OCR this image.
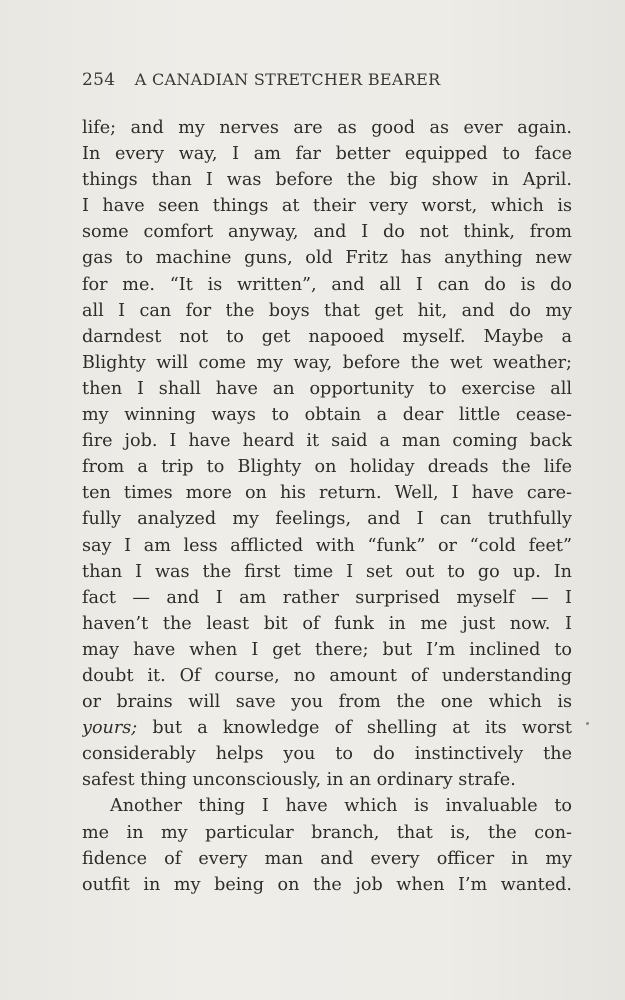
254 A CANADIAN STRETCHER BEARER
life; and my nerves are as good as ever again.
In every way, I am far better equipped to face
things than I was before the big show in April.
I have seen things at their very worst, which is
some comfort anyway, and I do not think, from
gas to machine guns, old Fritz has anything new
for me. “It is written”, and all I can do is do
all I can for the boys that get hit, and do my
darndest not to get napooed myself. Maybe a
Blighty will come my way, before the wet weather;
then I shall have an opportunity to exercise all
my winning ways to obtain a dear little cease-
fire job. I have heard it said a man coming back
from a trip to Blighty on holiday dreads the life
ten times more on his return. Well, I have care-
fully analyzed my feelings, and I can truthfully
say I am less afflicted with “funk” or “cold feet”
than I was the first time I set out to go up. In
fact — and I am rather surprised myself — I
haven’t the least bit of funk in me just now. I
may have when I get there; but I’m inclined to
doubt it. Of course, no amount of understanding
or brains will save you from the one which is
yours; but a knowledge of shelling at its worst
considerably helps you to do instinctively the
safest thing unconsciously, in an ordinary strafe.
Another thing I have which is invaluable to
me in my particular branch, that is, the con-
fidence of every man and every officer in my
outfit in my being on the job when I’m wanted.
